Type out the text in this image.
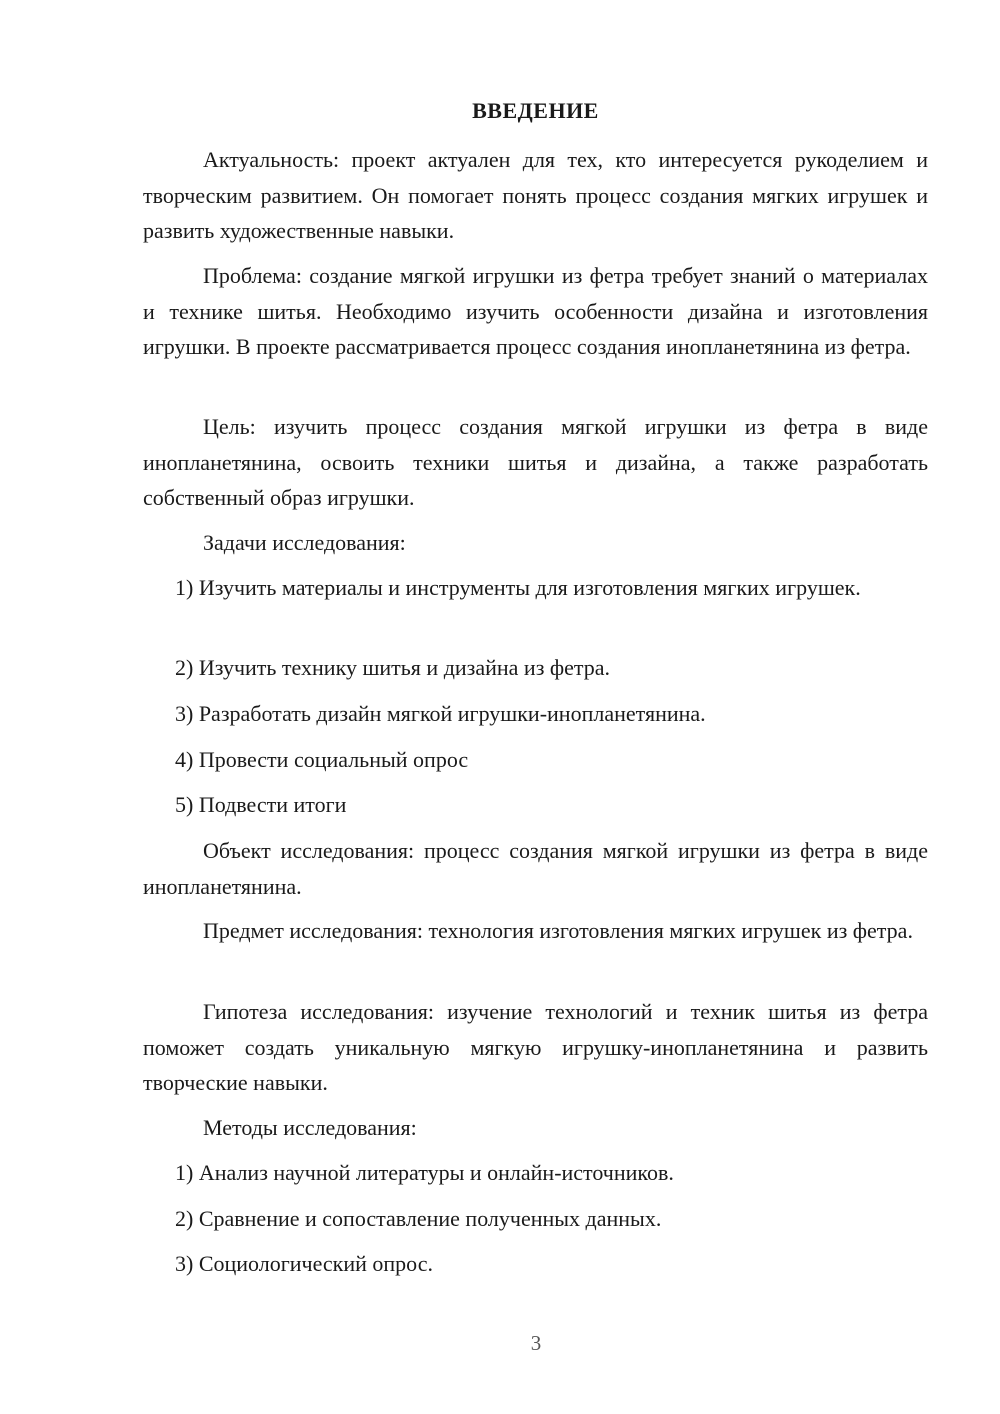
ВВЕДЕНИЕ

Актуальность: проект актуален для тех, кто интересуется рукоделием и творческим развитием. Он помогает понять процесс создания мягких игрушек и развить художественные навыки.

Проблема: создание мягкой игрушки из фетра требует знаний о материалах и технике шитья. Необходимо изучить особенности дизайна и изготовления игрушки. В проекте рассматривается процесс создания инопланетянина из фетра.

Цель: изучить процесс создания мягкой игрушки из фетра в виде инопланетянина, освоить техники шитья и дизайна, а также разработать собственный образ игрушки.

Задачи исследования:

1) Изучить материалы и инструменты для изготовления мягких игрушек.

2) Изучить технику шитья и дизайна из фетра.

3) Разработать дизайн мягкой игрушки-инопланетянина.

4) Провести социальный опрос

5) Подвести итоги

Объект исследования: процесс создания мягкой игрушки из фетра в виде инопланетянина.

Предмет исследования: технология изготовления мягких игрушек из фетра.

Гипотеза исследования: изучение технологий и техник шитья из фетра поможет создать уникальную мягкую игрушку-инопланетянина и развить творческие навыки.

Методы исследования:

1) Анализ научной литературы и онлайн-источников.

2) Сравнение и сопоставление полученных данных.

3) Социологический опрос.

3
